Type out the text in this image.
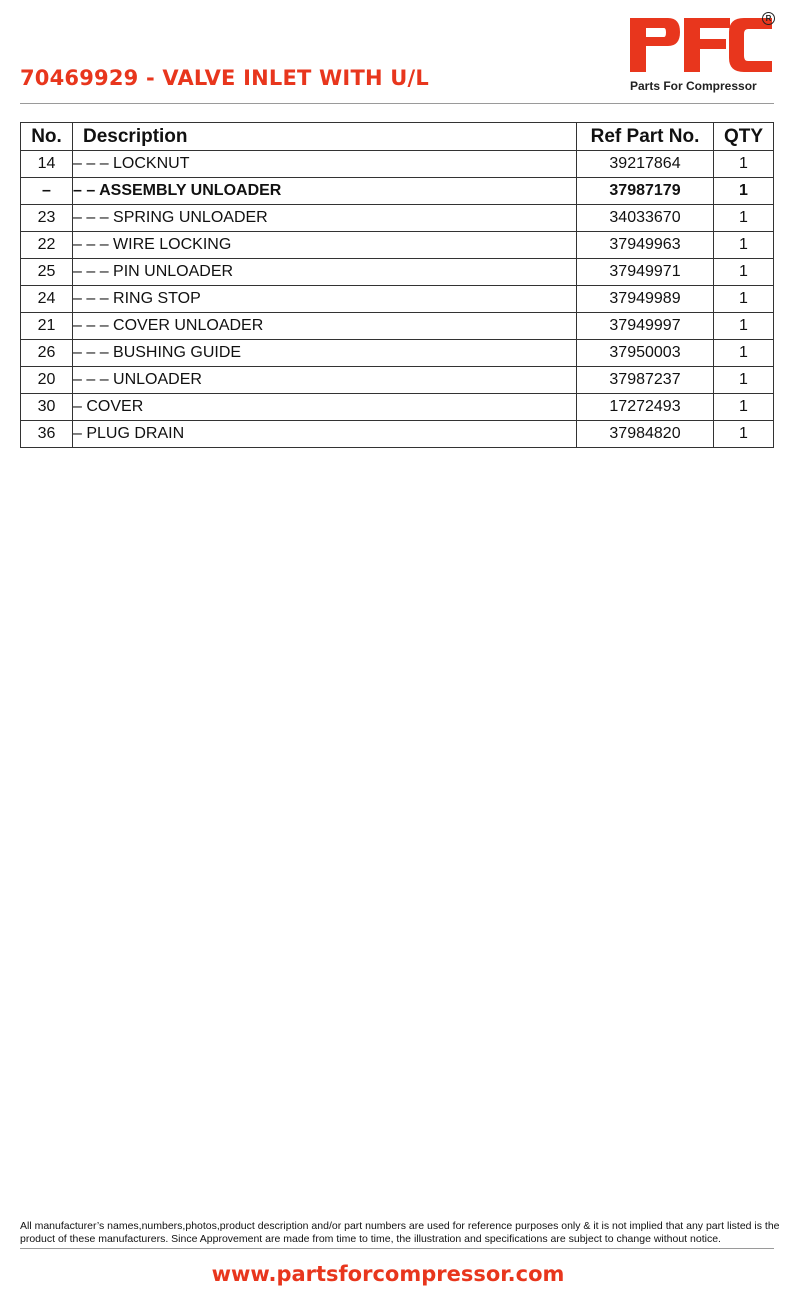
70469929 - VALVE INLET WITH U/L
R
Parts For Compressor
No.	Description	Ref Part No.	QTY
14	– – – LOCKNUT	39217864	1
–	– – ASSEMBLY UNLOADER	37987179	1
23	– – – SPRING UNLOADER	34033670	1
22	– – – WIRE LOCKING	37949963	1
25	– – – PIN UNLOADER	37949971	1
24	– – – RING STOP	37949989	1
21	– – – COVER UNLOADER	37949997	1
26	– – – BUSHING GUIDE	37950003	1
20	– – – UNLOADER	37987237	1
30	– COVER	17272493	1
36	– PLUG DRAIN	37984820	1
All manufacturer’s names,numbers,photos,product description and/or part numbers are used for reference purposes only & it is not implied that any part listed is the product of these manufacturers. Since Approvement are made from time to time, the illustration and specifications are subject to change without notice.
www.partsforcompressor.com
